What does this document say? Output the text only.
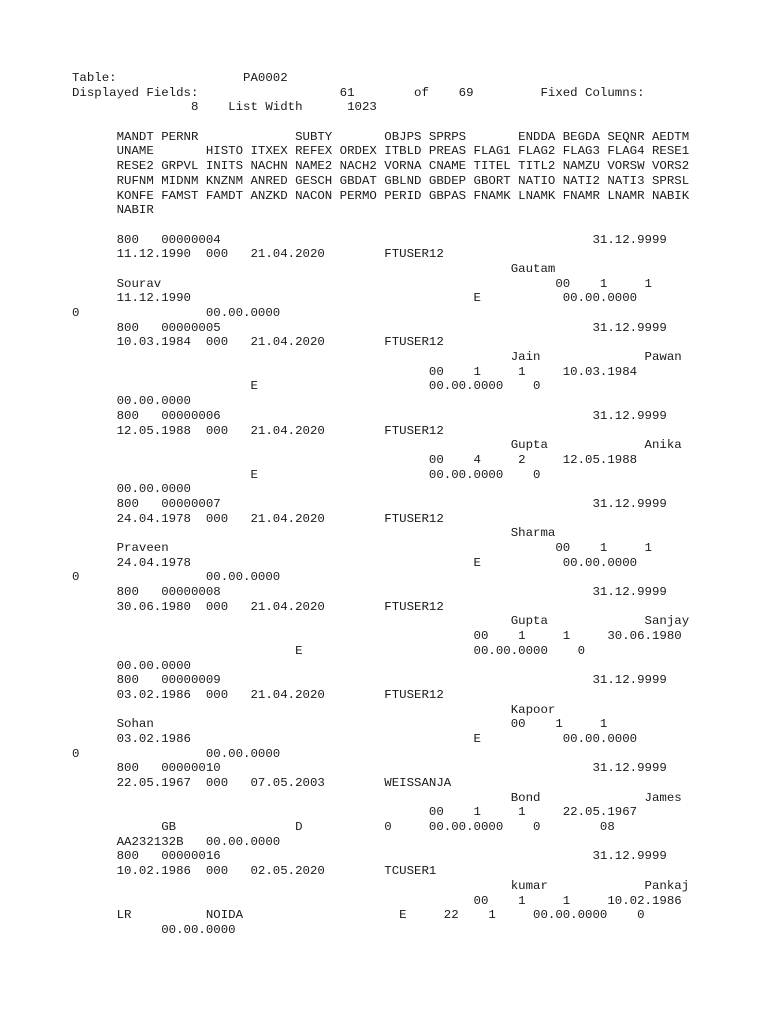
Table:                 PA0002
Displayed Fields:                   61        of    69         Fixed Columns:
8    List Width      1023
MANDT PERNR             SUBTY       OBJPS SPRPS       ENDDA BEGDA SEQNR AEDTM
UNAME       HISTO ITXEX REFEX ORDEX ITBLD PREAS FLAG1 FLAG2 FLAG3 FLAG4 RESE1
RESE2 GRPVL INITS NACHN NAME2 NACH2 VORNA CNAME TITEL TITL2 NAMZU VORSW VORS2
RUFNM MIDNM KNZNM ANRED GESCH GBDAT GBLND GBDEP GBORT NATIO NATI2 NATI3 SPRSL
KONFE FAMST FAMDT ANZKD NACON PERMO PERID GBPAS FNAMK LNAMK FNAMR LNAMR NABIK
NABIR
800   00000004                                                  31.12.9999
11.12.1990  000   21.04.2020        FTUSER12
Gautam
Sourav                                                     00    1     1
11.12.1990                                      E           00.00.0000
0                 00.00.0000
800   00000005                                                  31.12.9999
10.03.1984  000   21.04.2020        FTUSER12
Jain              Pawan
00    1     1     10.03.1984
E                       00.00.0000    0
00.00.0000
800   00000006                                                  31.12.9999
12.05.1988  000   21.04.2020        FTUSER12
Gupta             Anika
00    4     2     12.05.1988
E                       00.00.0000    0
00.00.0000
800   00000007                                                  31.12.9999
24.04.1978  000   21.04.2020        FTUSER12
Sharma
Praveen                                                    00    1     1
24.04.1978                                      E           00.00.0000
0                 00.00.0000
800   00000008                                                  31.12.9999
30.06.1980  000   21.04.2020        FTUSER12
Gupta             Sanjay
00    1     1     30.06.1980
E                       00.00.0000    0
00.00.0000
800   00000009                                                  31.12.9999
03.02.1986  000   21.04.2020        FTUSER12
Kapoor
Sohan                                                00    1     1
03.02.1986                                      E           00.00.0000
0                 00.00.0000
800   00000010                                                  31.12.9999
22.05.1967  000   07.05.2003        WEISSANJA
Bond              James
00    1     1     22.05.1967
GB                D           0     00.00.0000    0        08
AA232132B   00.00.0000
800   00000016                                                  31.12.9999
10.02.1986  000   02.05.2020        TCUSER1
kumar             Pankaj
00    1     1     10.02.1986
LR          NOIDA                     E     22    1     00.00.0000    0
00.00.0000
